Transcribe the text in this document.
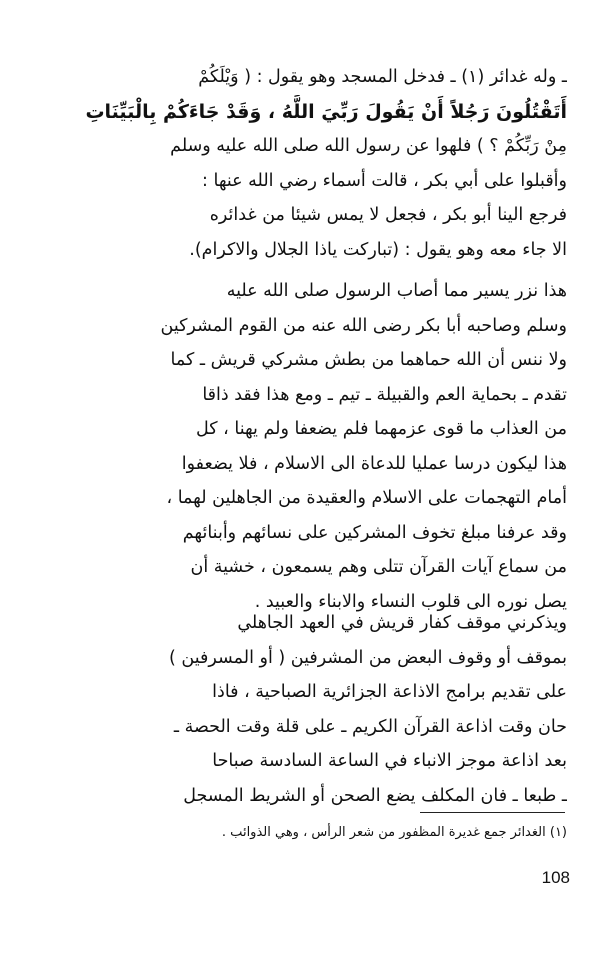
ـ وله غدائر (١) ـ فدخل المسجد وهو يقول : ( وَيْلَكُمْ
أَتَقْتُلُونَ رَجُلاً أَنْ يَقُولَ رَبِّيَ اللَّهُ ، وَقَدْ جَاءَكُمْ بِالْبَيِّنَاتِ
مِنْ رَبِّكُمْ ؟ ) فلهوا عن رسول الله صلى الله عليه وسلم
وأقبلوا على أبي بكر ، قالت أسماء رضي الله عنها :
فرجع الينا أبو بكر ، فجعل لا يمس شيئا من غدائره
الا جاء معه وهو يقول : (تباركت ياذا الجلال والاكرام).
هذا نزر يسير مما أصاب الرسول صلى الله عليه
وسلم وصاحبه أبا بكر رضى الله عنه من القوم المشركين
ولا ننس أن الله حماهما من بطش مشركي قريش ـ كما
تقدم ـ بحماية العم والقبيلة ـ تيم ـ ومع هذا فقد ذاقا
من العذاب ما قوى عزمهما فلم يضعفا ولم يهنا ، كل
هذا ليكون درسا عمليا للدعاة الى الاسلام ، فلا يضعفوا
أمام التهجمات على الاسلام والعقيدة من الجاهلين لهما ،
وقد عرفنا مبلغ تخوف المشركين على نسائهم وأبنائهم
من سماع آيات القرآن تتلى وهم يسمعون ، خشية أن
يصل نوره الى قلوب النساء والابناء والعبيد .
ويذكرني موقف كفار قريش في العهد الجاهلي
بموقف أو وقوف البعض من المشرفين ( أو المسرفين )
على تقديم برامج الاذاعة الجزائرية الصباحية ، فاذا
حان وقت اذاعة القرآن الكريم ـ على قلة وقت الحصة ـ
بعد اذاعة موجز الانباء في الساعة السادسة صباحا
ـ طبعا ـ فان المكلف يضع الصحن أو الشريط المسجل
(١) الغدائر جمع غديرة المظفور من شعر الرأس ، وهي الذوائب .
108
